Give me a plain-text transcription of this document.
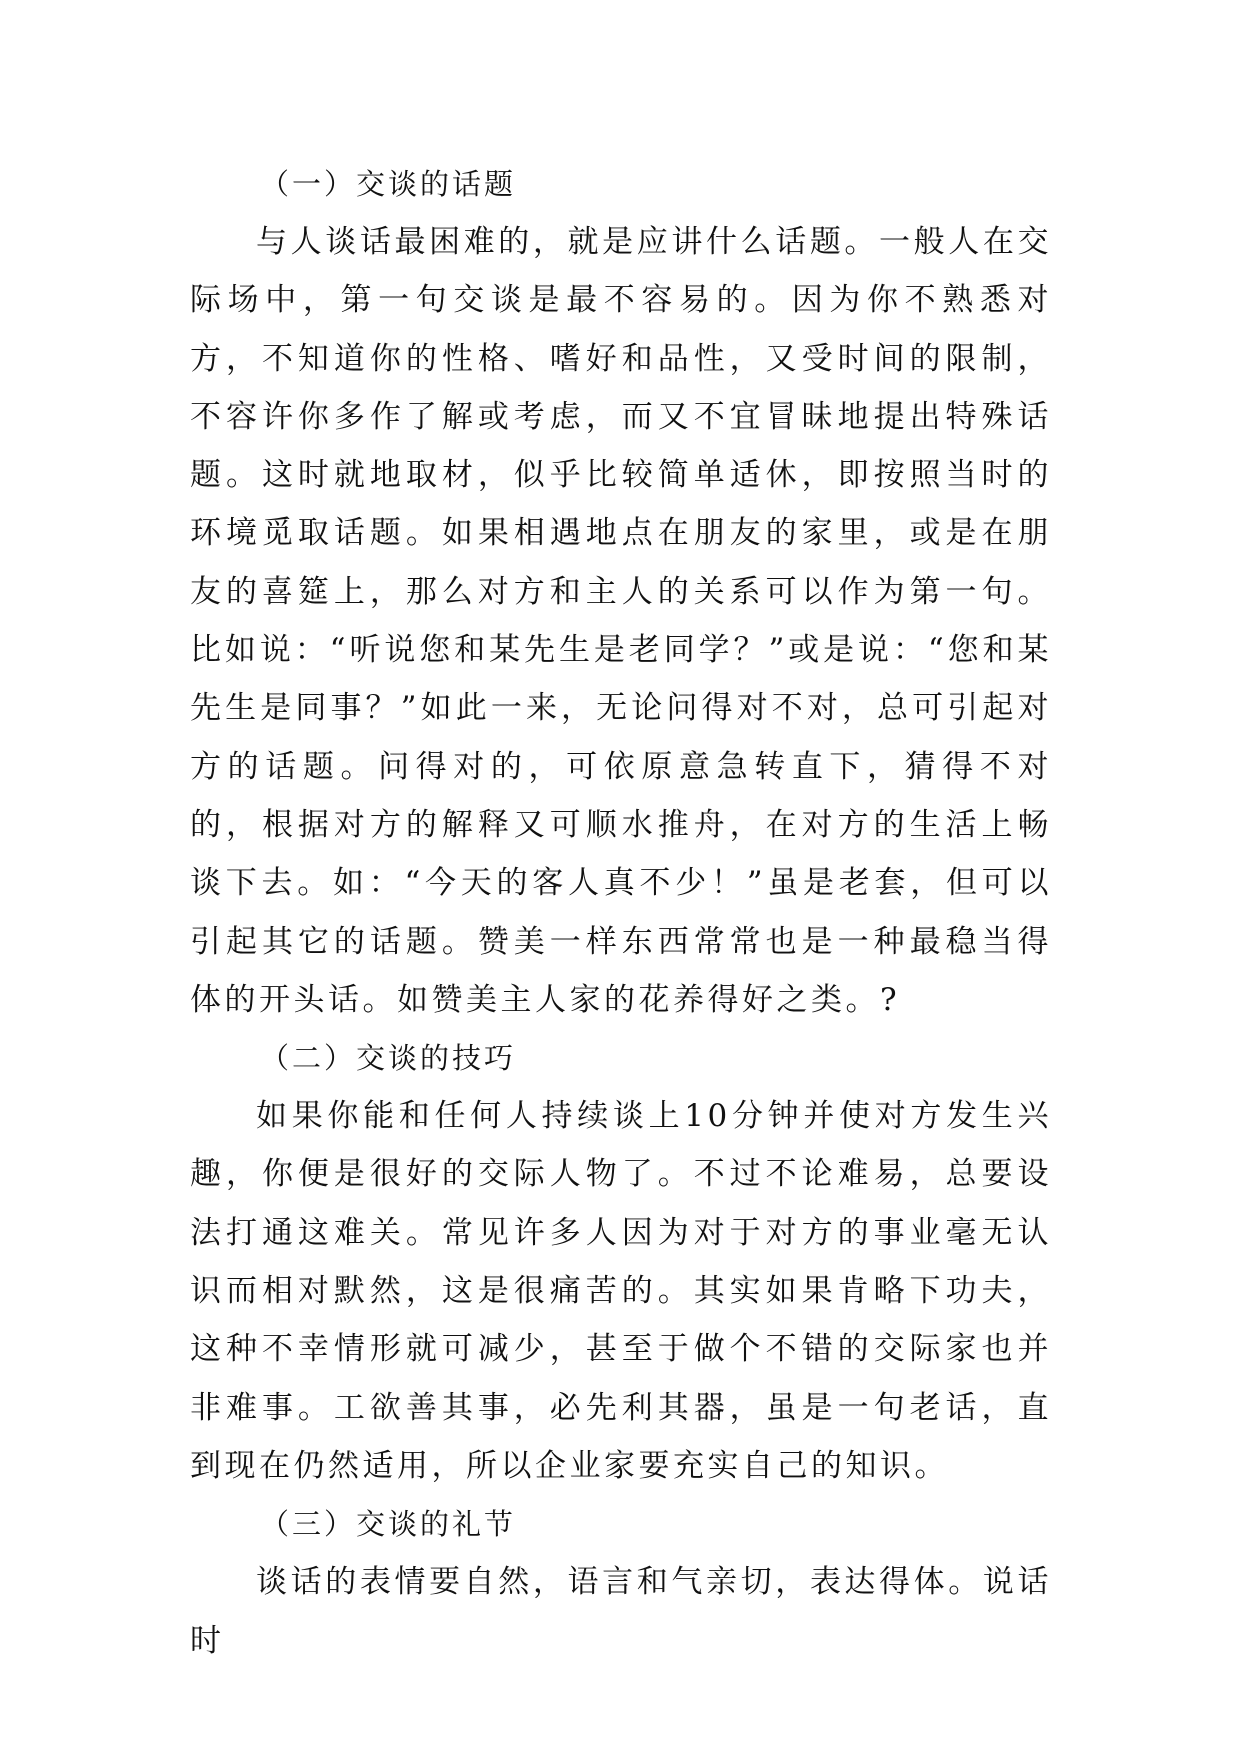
（一）交谈的话题

与人谈话最困难的，就是应讲什么话题。一般人在交际场中，第一句交谈是最不容易的。因为你不熟悉对方，不知道你的性格、嗜好和品性，又受时间的限制，不容许你多作了解或考虑，而又不宜冒昧地提出特殊话题。这时就地取材，似乎比较简单适休，即按照当时的环境觅取话题。如果相遇地点在朋友的家里，或是在朋友的喜筵上，那么对方和主人的关系可以作为第一句。比如说：“听说您和某先生是老同学？”或是说：“您和某先生是同事？”如此一来，无论问得对不对，总可引起对方的话题。问得对的，可依原意急转直下，猜得不对的，根据对方的解释又可顺水推舟，在对方的生活上畅谈下去。如：“今天的客人真不少！”虽是老套，但可以引起其它的话题。赞美一样东西常常也是一种最稳当得体的开头话。如赞美主人家的花养得好之类。?

（二）交谈的技巧

如果你能和任何人持续谈上10分钟并使对方发生兴趣，你便是很好的交际人物了。不过不论难易，总要设法打通这难关。常见许多人因为对于对方的事业毫无认识而相对默然，这是很痛苦的。其实如果肯略下功夫，这种不幸情形就可减少，甚至于做个不错的交际家也并非难事。工欲善其事，必先利其器，虽是一句老话，直到现在仍然适用，所以企业家要充实自己的知识。

（三）交谈的礼节

谈话的表情要自然，语言和气亲切，表达得体。说话时
